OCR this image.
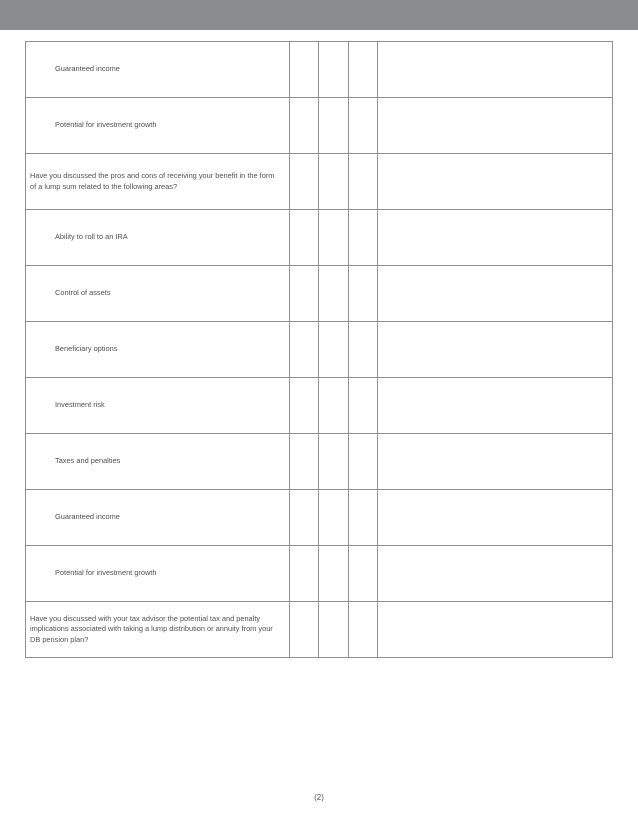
Guaranteed income				
Potential for investment growth				
Have you discussed the pros and cons of receiving your benefit in the form of a lump sum related to the following areas?				
Ability to roll to an IRA				
Control of assets				
Beneficiary options				
Investment risk				
Taxes and penalties				
Guaranteed income				
Potential for investment growth				
Have you discussed with your tax advisor the potential tax and penalty implications associated with taking a lump distribution or annuity from your DB pension plan?				
(2)
